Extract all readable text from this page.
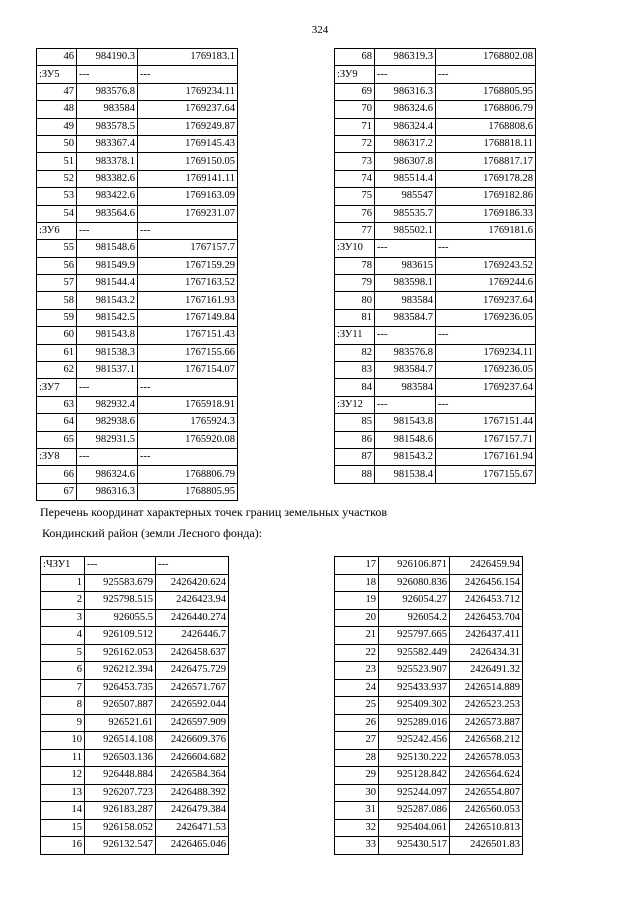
324
46	984190.3	1769183.1
:ЗУ5	---	---
47	983576.8	1769234.11
48	983584	1769237.64
49	983578.5	1769249.87
50	983367.4	1769145.43
51	983378.1	1769150.05
52	983382.6	1769141.11
53	983422.6	1769163.09
54	983564.6	1769231.07
:ЗУ6	---	---
55	981548.6	1767157.7
56	981549.9	1767159.29
57	981544.4	1767163.52
58	981543.2	1767161.93
59	981542.5	1767149.84
60	981543.8	1767151.43
61	981538.3	1767155.66
62	981537.1	1767154.07
:ЗУ7	---	---
63	982932.4	1765918.91
64	982938.6	1765924.3
65	982931.5	1765920.08
:ЗУ8	---	---
66	986324.6	1768806.79
67	986316.3	1768805.95
68	986319.3	1768802.08
:ЗУ9	---	---
69	986316.3	1768805.95
70	986324.6	1768806.79
71	986324.4	1768808.6
72	986317.2	1768818.11
73	986307.8	1768817.17
74	985514.4	1769178.28
75	985547	1769182.86
76	985535.7	1769186.33
77	985502.1	1769181.6
:ЗУ10	---	---
78	983615	1769243.52
79	983598.1	1769244.6
80	983584	1769237.64
81	983584.7	1769236.05
:ЗУ11	---	---
82	983576.8	1769234.11
83	983584.7	1769236.05
84	983584	1769237.64
:ЗУ12	---	---
85	981543.8	1767151.44
86	981548.6	1767157.71
87	981543.2	1767161.94
88	981538.4	1767155.67
Перечень координат характерных точек границ земельных участков
Кондинский район (земли Лесного фонда):
:ЧЗУ1	---	---
1	925583.679	2426420.624
2	925798.515	2426423.94
3	926055.5	2426440.274
4	926109.512	2426446.7
5	926162.053	2426458.637
6	926212.394	2426475.729
7	926453.735	2426571.767
8	926507.887	2426592.044
9	926521.61	2426597.909
10	926514.108	2426609.376
11	926503.136	2426604.682
12	926448.884	2426584.364
13	926207.723	2426488.392
14	926183.287	2426479.384
15	926158.052	2426471.53
16	926132.547	2426465.046
17	926106.871	2426459.94
18	926080.836	2426456.154
19	926054.27	2426453.712
20	926054.2	2426453.704
21	925797.665	2426437.411
22	925582.449	2426434.31
23	925523.907	2426491.32
24	925433.937	2426514.889
25	925409.302	2426523.253
26	925289.016	2426573.887
27	925242.456	2426568.212
28	925130.222	2426578.053
29	925128.842	2426564.624
30	925244.097	2426554.807
31	925287.086	2426560.053
32	925404.061	2426510.813
33	925430.517	2426501.83
